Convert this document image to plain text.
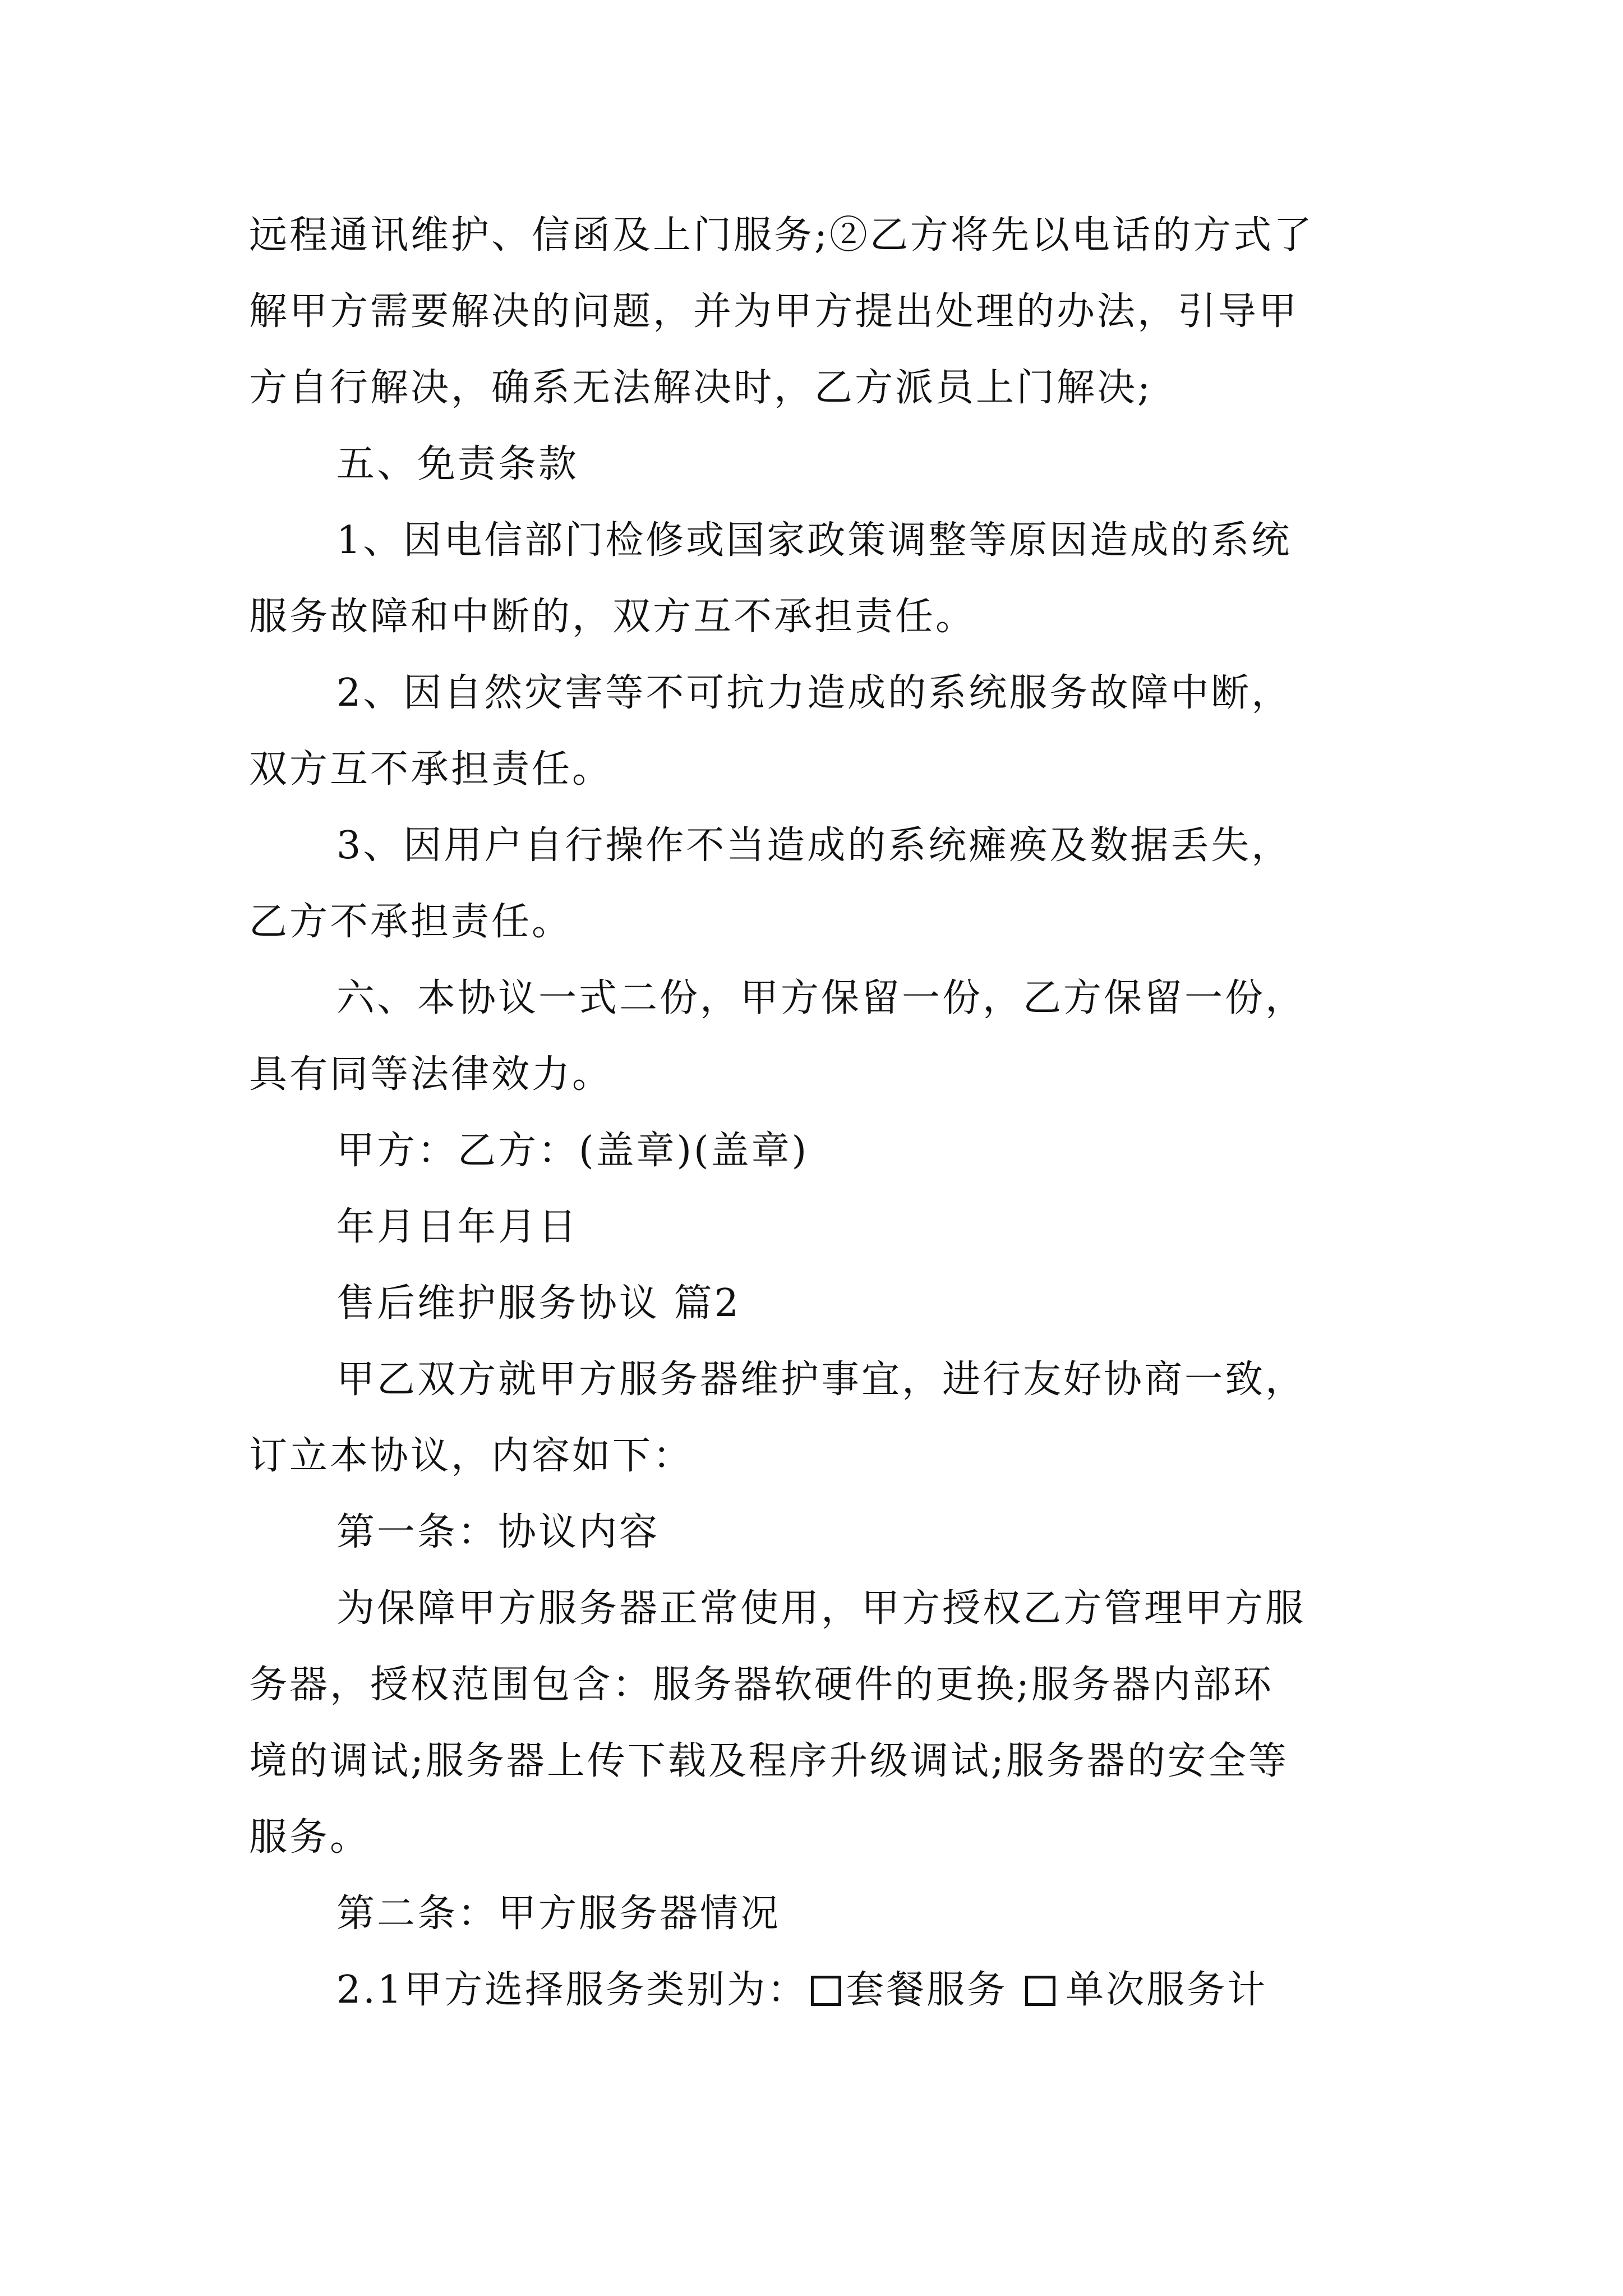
远程通讯维护、信函及上门服务;②乙方将先以电话的方式了
解甲方需要解决的问题，并为甲方提出处理的办法，引导甲
方自行解决，确系无法解决时，乙方派员上门解决;
五、免责条款
1、因电信部门检修或国家政策调整等原因造成的系统
服务故障和中断的，双方互不承担责任。
2、因自然灾害等不可抗力造成的系统服务故障中断，
双方互不承担责任。
3、因用户自行操作不当造成的系统瘫痪及数据丢失，
乙方不承担责任。
六、本协议一式二份，甲方保留一份，乙方保留一份，
具有同等法律效力。
甲方：乙方：(盖章)(盖章)
年月日年月日
售后维护服务协议 篇2
甲乙双方就甲方服务器维护事宜，进行友好协商一致，
订立本协议，内容如下：
第一条：协议内容
为保障甲方服务器正常使用，甲方授权乙方管理甲方服
务器，授权范围包含：服务器软硬件的更换;服务器内部环
境的调试;服务器上传下载及程序升级调试;服务器的安全等
服务。
第二条：甲方服务器情况
2.1甲方选择服务类别为： 套餐服务 单次服务计
